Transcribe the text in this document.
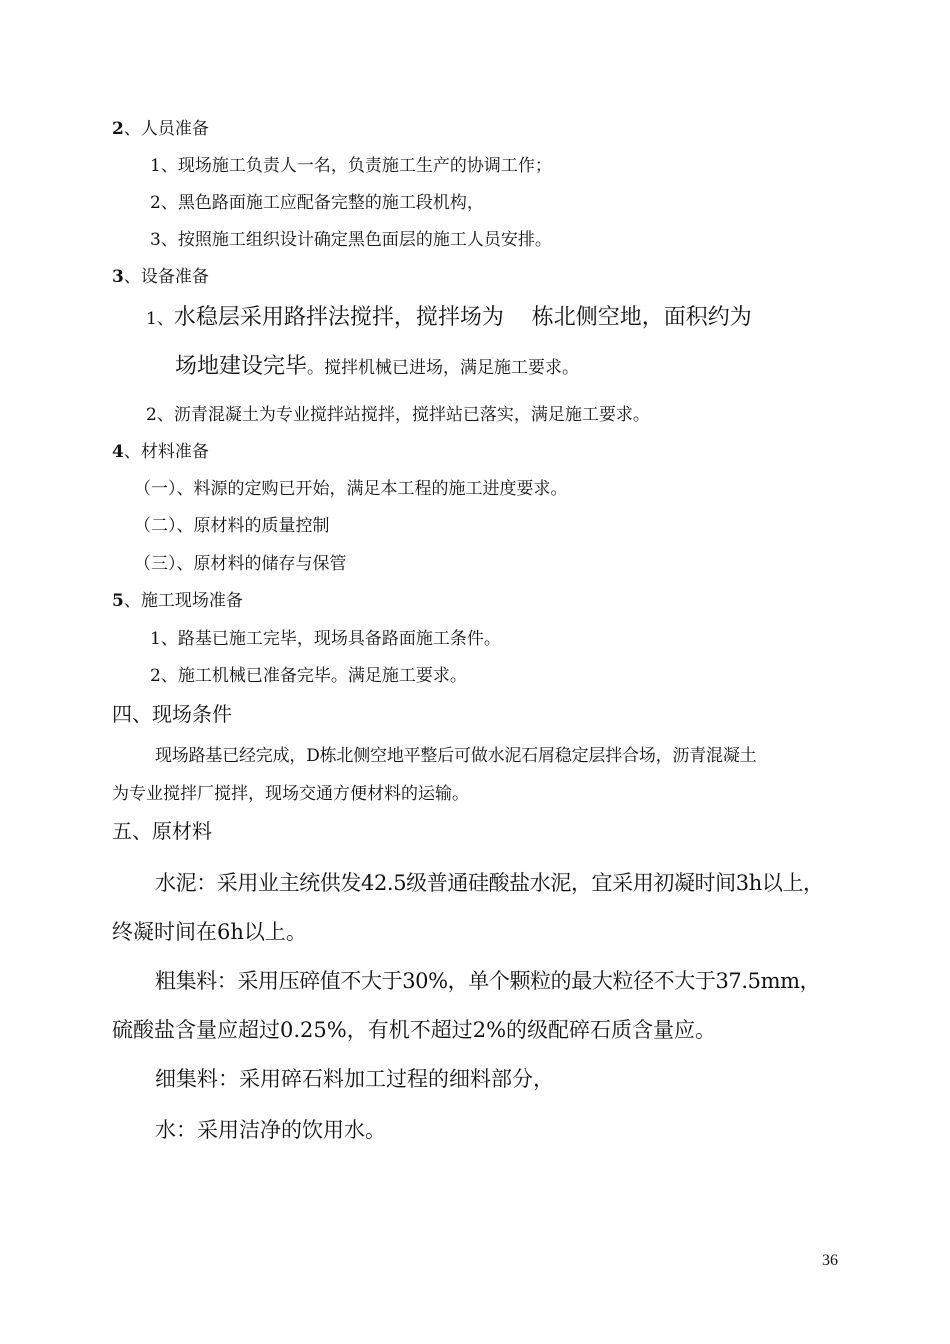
2、人员准备
1、现场施工负责人一名，负责施工生产的协调工作；
2、黑色路面施工应配备完整的施工段机构，
3、按照施工组织设计确定黑色面层的施工人员安排。
3、设备准备
1、水稳层采用路拌法搅拌，搅拌场为    栋北侧空地，面积约为
场地建设完毕。搅拌机械已进场，满足施工要求。
2、沥青混凝土为专业搅拌站搅拌，搅拌站已落实，满足施工要求。
4、材料准备
（一）、料源的定购已开始，满足本工程的施工进度要求。
（二）、原材料的质量控制
（三）、原材料的储存与保管
5、施工现场准备
1、路基已施工完毕，现场具备路面施工条件。
2、施工机械已准备完毕。满足施工要求。
四、现场条件
现场路基已经完成，D栋北侧空地平整后可做水泥石屑稳定层拌合场，沥青混凝土
为专业搅拌厂搅拌，现场交通方便材料的运输。
五、原材料
水泥：采用业主统供发42.5级普通硅酸盐水泥，宜采用初凝时间3h以上，
终凝时间在6h以上。
粗集料：采用压碎值不大于30%，单个颗粒的最大粒径不大于37.5mm，
硫酸盐含量应超过0.25%，有机不超过2%的级配碎石质含量应。
细集料：采用碎石料加工过程的细料部分，
水：采用洁净的饮用水。
36
